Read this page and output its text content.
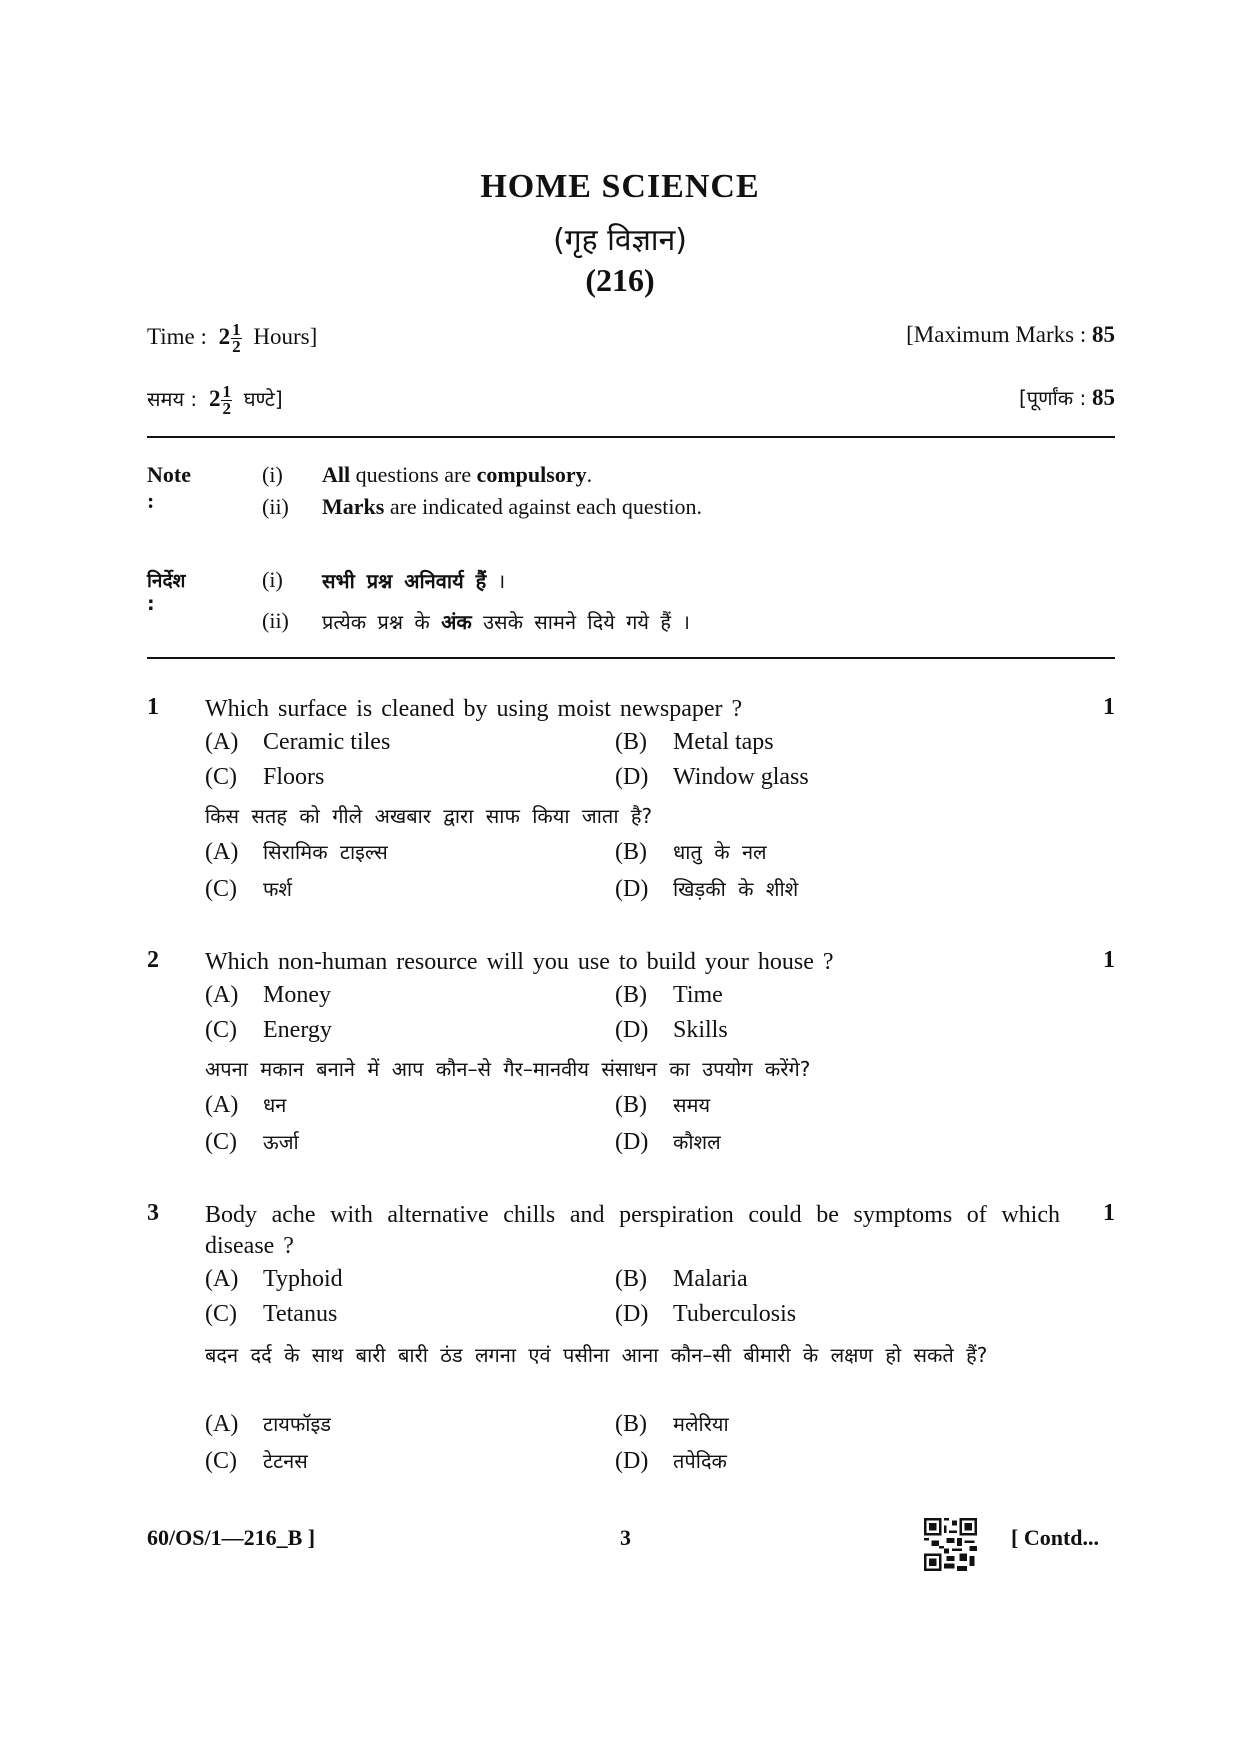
HOME SCIENCE
(गृह विज्ञान)
(216)
Time : $2 \frac{1}{2}$ Hours]	[Maximum Marks : 85
समय : $2 \frac{1}{2}$ घण्टे]	[पूर्णांक : 85
Note :
(i) All questions are compulsory.
(ii) Marks are indicated against each question.
निर्देश :
(i) सभी प्रश्न अनिवार्य हैं ।
(ii) प्रत्येक प्रश्न के अंक उसके सामने दिये गये हैं ।
1	1
Which surface is cleaned by using moist newspaper ?
(A) Ceramic tiles	(B) Metal taps
(C) Floors	(D) Window glass
किस सतह को गीले अखबार द्वारा साफ किया जाता है?
(A) सिरामिक टाइल्स	(B) धातु के नल
(C) फर्श	(D) खिड़की के शीशे
2	1
Which non-human resource will you use to build your house ?
(A) Money	(B) Time
(C) Energy	(D) Skills
अपना मकान बनाने में आप कौन–से गैर–मानवीय संसाधन का उपयोग करेंगे?
(A) धन	(B) समय
(C) ऊर्जा	(D) कौशल
3	1
Body ache with alternative chills and perspiration could be symptoms of which disease ?
(A) Typhoid	(B) Malaria
(C) Tetanus	(D) Tuberculosis
बदन दर्द के साथ बारी बारी ठंड लगना एवं पसीना आना कौन–सी बीमारी के लक्षण हो सकते हैं?
(A) टायफॉइड	(B) मलेरिया
(C) टेटनस	(D) तपेदिक
60/OS/1—216_B ]	3	[ Contd...
